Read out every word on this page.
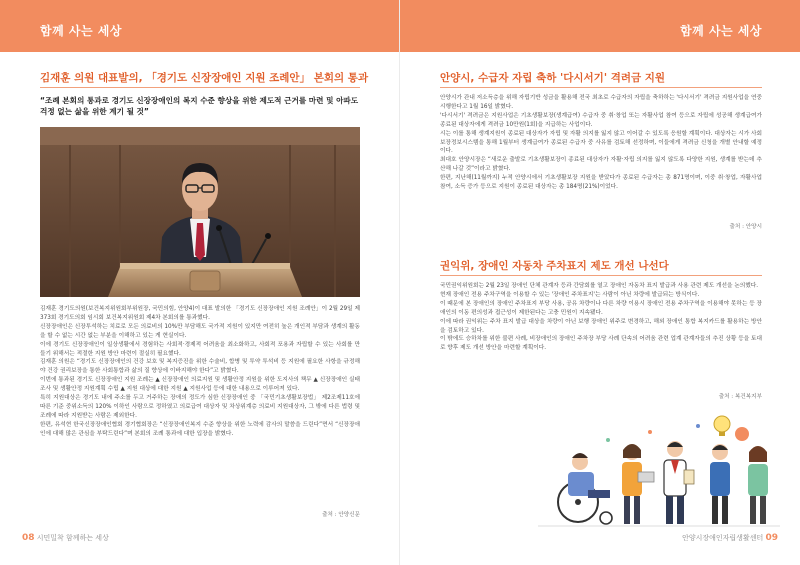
함께 사는 세상
김재훈 의원 대표발의, 「경기도 신장장애인 지원 조례안」 본회의 통과
“조례 본회의 통과로 경기도 신장장애인의 복지 수준 향상을 위한 제도적 근거를 마련 및 아파도 걱정 없는 삶을 위한 계기 될 것”

김재훈 경기도의원(보건복지위원회부위원장, 국민의힘, 안양4)이 대표 발의한 「경기도 신장장애인 지원 조례안」이 2월 29일 제373회 경기도의회 임시회 보건복지위원회 제4차 본회의를 통과했다.

신장장애인은 신장투석하는 치료로 모든 의료비의 10%만 부담해도 국가적 지원이 있지만 여전히 높은 개인적 부담과 생계의 활동을 할 수 없는 시간 없는 부분을 이해하고 있는 게 현실이다.

이에 경기도 신장장애인이 일상생활에서 경험하는 사회적·경제적 어려움을 최소화하고, 사회적 포용과 자립할 수 있는 사회를 만들기 위해서는 적절한 지원 방안 마련이 절실히 필요했다.

김재훈 의원은 “경기도 신장장애인의 건강 보호 및 복지증진을 위한 수술비, 합병 및 투약 투석비 등 지원에 필요한 사항을 규정해야 건강 권리보장을 통한 사회통합과 삶의 질 향상에 이바지해야 한다”고 밝혔다.

이번에 통과된 경기도 신장장애인 지원 조례는 ▲ 신장장애인 의료지원 및 생활안정 지원을 위한 도지사의 책무 ▲ 신장장애인 실태조사 및 생활안정 지원계획 수립 ▲ 지원 대상에 대한 지원 ▲ 지원사업 등에 대한 내용으로 이루어져 있다.

특히 지원대상은 경기도 내에 주소를 두고 거주하는 장애의 정도가 심한 신장장애인 중 「국민기초생활보장법」 제2조제11호에 따른 기준 중위소득의 120% 이하인 사람으로 정하였고 의료급여 대상자 및 차상위계층 의료비 지원대상자, 그 밖에 다른 법령 및 조례에 따라 지원받는 사람은 제외한다.

한편, 유석현 한국신장장애인협회 경기협회장은 “신장장애인복지 수준 향상을 위한 노력에 감사의 말씀을 드린다”면서 “신장장애인에 대해 많은 관심을 부탁드린다”며 본회의 조례 통과에 대한 입장을 밝혔다.

출처 : 안양신문
08 시민밀착 함께하는 세상
함께 사는 세상
안양시, 수급자 자립 축하 '다시서기' 격려금 지원

안양시가 관내 저소득층을 위해 자립기반 성금을 활용해 전국 최초로 수급자의 자립을 축하하는 '다시서기' 격려금 지원사업을 연중 시행한다고 1월 16일 밝혔다.

'다시서기' 격려금은 지원사업은 기초생활보장(생계급여) 수급자 중 취·창업 또는 자활사업 참여 등으로 자립에 성공해 생계급여가 종료된 대상자에게 격려금 10만원(1회)을 지급하는 사업이다.

시는 이를 통해 생계지원이 종료된 대상자가 자립 및 자활 의지를 잃지 않고 이어갈 수 있도록 응원할 계획이다. 대상자는 시가 사회보장정보시스템을 통해 1월부터 생계급여가 종료된 수급자 중 사유를 검토해 선정하며, 이들에게 격려금 신청을 개별 안내할 예정이다.

최대호 안양시장은 “새로운 출발로 기초생활보장이 종료된 대상자가 자활·자립 의지를 잃지 않도록 다양한 지원, 생계를 받는데 추산해 나갈 것”이라고 밝혔다.

한편, 지난해(11월까지) 누적 안양시에서 기초생활보장 지원을 받았다가 종료된 수급자는 총 871명이며, 이중 취·창업, 자활사업 참여, 소득 증가 등으로 지원이 종료된 대상자는 총 184명(21%)이었다.

출처 : 안양시
권익위, 장애인 자동차 주차표지 제도 개선 나선다

국민권익위원회는 2월 23일 장애인 단체 관계자 등과 간담회를 열고 장애인 자동차 표지 발급과 사용 관련 제도 개선을 논의했다.

현재 장애인 전용 주차구역을 이용할 수 있는 '장애인 주차표지'는 사람이 아닌 차량에 발급되는 방식이다.

이 때문에 본 장애인의 장애인 주차표지 부당 사용, 공유 차량이나 다른 차량 이용시 장애인 전용 주차구역을 이용해야 못하는 등 장애인의 이동 편의성과 접근성이 제한된다는 고충 민원이 지속됐다.

이에 따라 권익위는 주차 표지 발급 대상을 차량이 아닌 보행 장애인 위주로 변경하고, 해외 장애인 통합 복지카드를 활용하는 방안을 검토하고 있다.

이 밖에도 승하차를 위한 불편 사례, 비장애인의 장애인 주차장 부당 사례 단속의 어려움 관련 업계 관계자들의 추진 상황 등을 토대로 향후 제도 개선 방안을 마련할 계획이다.

출처 : 복건복지부
안양시장애인자립생활센터 09
